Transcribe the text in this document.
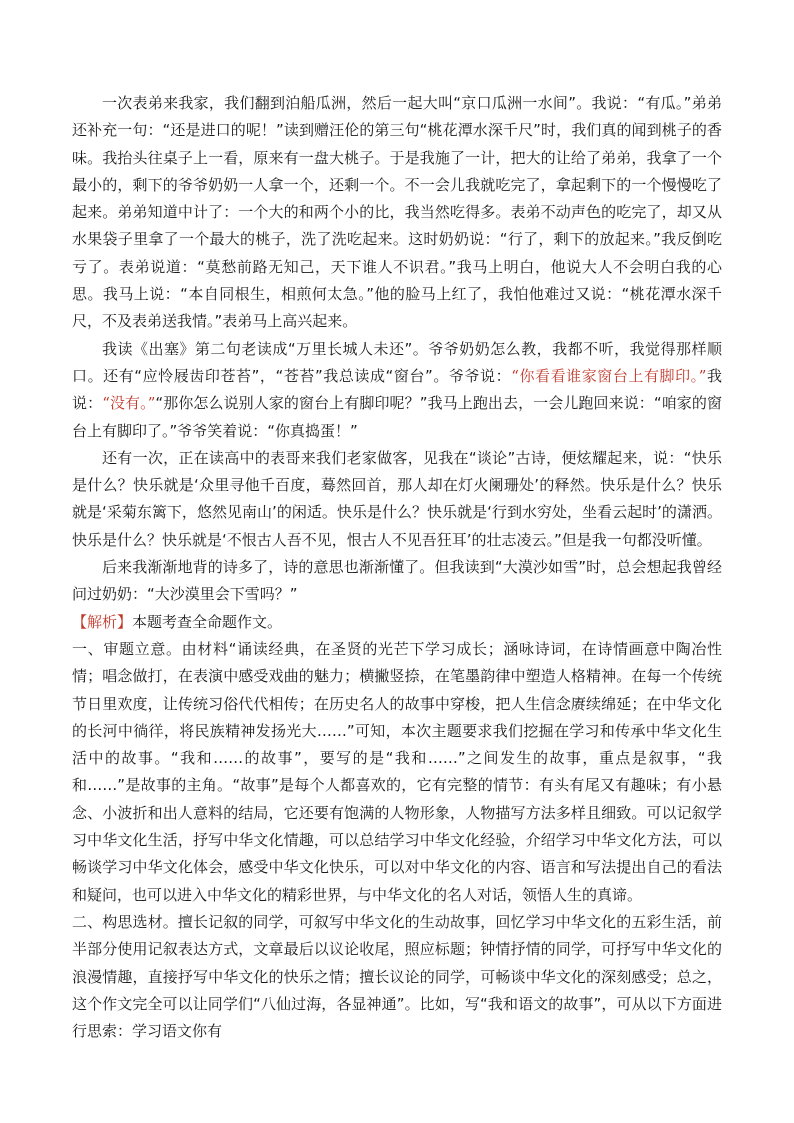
一次表弟来我家，我们翻到泊船瓜洲，然后一起大叫“京口瓜洲一水间”。我说：“有瓜。”弟弟还补充一句：“还是进口的呢！”读到赠汪伦的第三句“桃花潭水深千尺”时，我们真的闻到桃子的香味。我抬头往桌子上一看，原来有一盘大桃子。于是我施了一计，把大的让给了弟弟，我拿了一个最小的，剩下的爷爷奶奶一人拿一个，还剩一个。不一会儿我就吃完了，拿起剩下的一个慢慢吃了起来。弟弟知道中计了：一个大的和两个小的比，我当然吃得多。表弟不动声色的吃完了，却又从水果袋子里拿了一个最大的桃子，洗了洗吃起来。这时奶奶说：“行了，剩下的放起来。”我反倒吃亏了。表弟说道：“莫愁前路无知己，天下谁人不识君。”我马上明白，他说大人不会明白我的心思。我马上说：“本自同根生，相煎何太急。”他的脸马上红了，我怕他难过又说：“桃花潭水深千尺，不及表弟送我情。”表弟马上高兴起来。

我读《出塞》第二句老读成“万里长城人未还”。爷爷奶奶怎么教，我都不听，我觉得那样顺口。还有“应怜屐齿印苍苔”，“苍苔”我总读成“窗台”。爷爷说：“你看看谁家窗台上有脚印。”我说：“没有。”“那你怎么说别人家的窗台上有脚印呢？”我马上跑出去，一会儿跑回来说：“咱家的窗台上有脚印了。”爷爷笑着说：“你真捣蛋！”

还有一次，正在读高中的表哥来我们老家做客，见我在“谈论”古诗，便炫耀起来，说：“快乐是什么？快乐就是‘众里寻他千百度，蓦然回首，那人却在灯火阑珊处’的释然。快乐是什么？快乐就是‘采菊东篱下，悠然见南山’的闲适。快乐是什么？快乐就是‘行到水穷处，坐看云起时’的潇洒。快乐是什么？快乐就是‘不恨古人吾不见，恨古人不见吾狂耳’的壮志凌云。”但是我一句都没听懂。

后来我渐渐地背的诗多了，诗的意思也渐渐懂了。但我读到“大漠沙如雪”时，总会想起我曾经问过奶奶：“大沙漠里会下雪吗？”

【解析】本题考查全命题作文。

一、审题立意。由材料“诵读经典，在圣贤的光芒下学习成长；涵咏诗词，在诗情画意中陶冶性情；唱念做打，在表演中感受戏曲的魅力；横撇竖捺，在笔墨韵律中塑造人格精神。在每一个传统节日里欢度，让传统习俗代代相传；在历史名人的故事中穿梭，把人生信念赓续绵延；在中华文化的长河中徜徉，将民族精神发扬光大……”可知，本次主题要求我们挖掘在学习和传承中华文化生活中的故事。“我和……的故事”，要写的是“我和……”之间发生的故事，重点是叙事，“我和……”是故事的主角。“故事”是每个人都喜欢的，它有完整的情节：有头有尾又有趣味；有小悬念、小波折和出人意料的结局，它还要有饱满的人物形象，人物描写方法多样且细致。可以记叙学习中华文化生活，抒写中华文化情趣，可以总结学习中华文化经验，介绍学习中华文化方法，可以畅谈学习中华文化体会，感受中华文化快乐，可以对中华文化的内容、语言和写法提出自己的看法和疑问，也可以进入中华文化的精彩世界，与中华文化的名人对话，领悟人生的真谛。

二、构思选材。擅长记叙的同学，可叙写中华文化的生动故事，回忆学习中华文化的五彩生活，前半部分使用记叙表达方式，文章最后以议论收尾，照应标题；钟情抒情的同学，可抒写中华文化的浪漫情趣，直接抒写中华文化的快乐之情；擅长议论的同学，可畅谈中华文化的深刻感受；总之，这个作文完全可以让同学们“八仙过海，各显神通”。比如，写“我和语文的故事”，可从以下方面进行思索：学习语文你有
